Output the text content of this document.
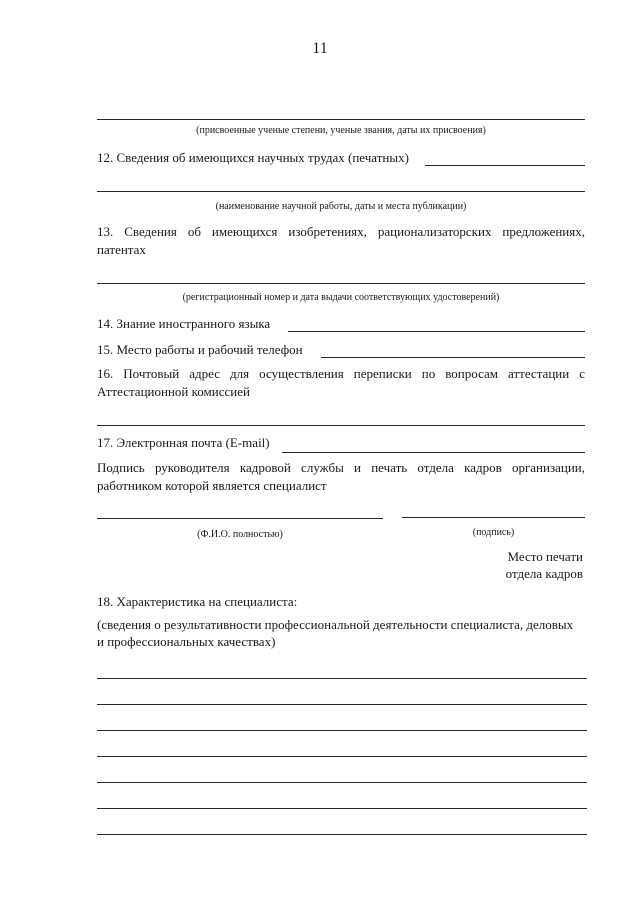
11
(присвоенные ученые степени, ученые звания, даты их присвоения)
12. Сведения об имеющихся научных трудах (печатных)
(наименование научной работы, даты и места публикации)
13. Сведения об имеющихся изобретениях, рационализаторских предложениях,
патентах
(регистрационный номер и дата выдачи соответствующих удостоверений)
14. Знание иностранного языка
15. Место работы и рабочий телефон
16. Почтовый адрес для осуществления переписки по вопросам аттестации с
Аттестационной комиссией
17. Электронная почта (E-mail)
Подпись руководителя кадровой службы и печать отдела кадров организации,
работником которой является специалист
(Ф.И.О. полностью)	(подпись)
Место печати
отдела кадров
18. Характеристика на специалиста:
(сведения о результативности профессиональной деятельности специалиста, деловых
и профессиональных качествах)
